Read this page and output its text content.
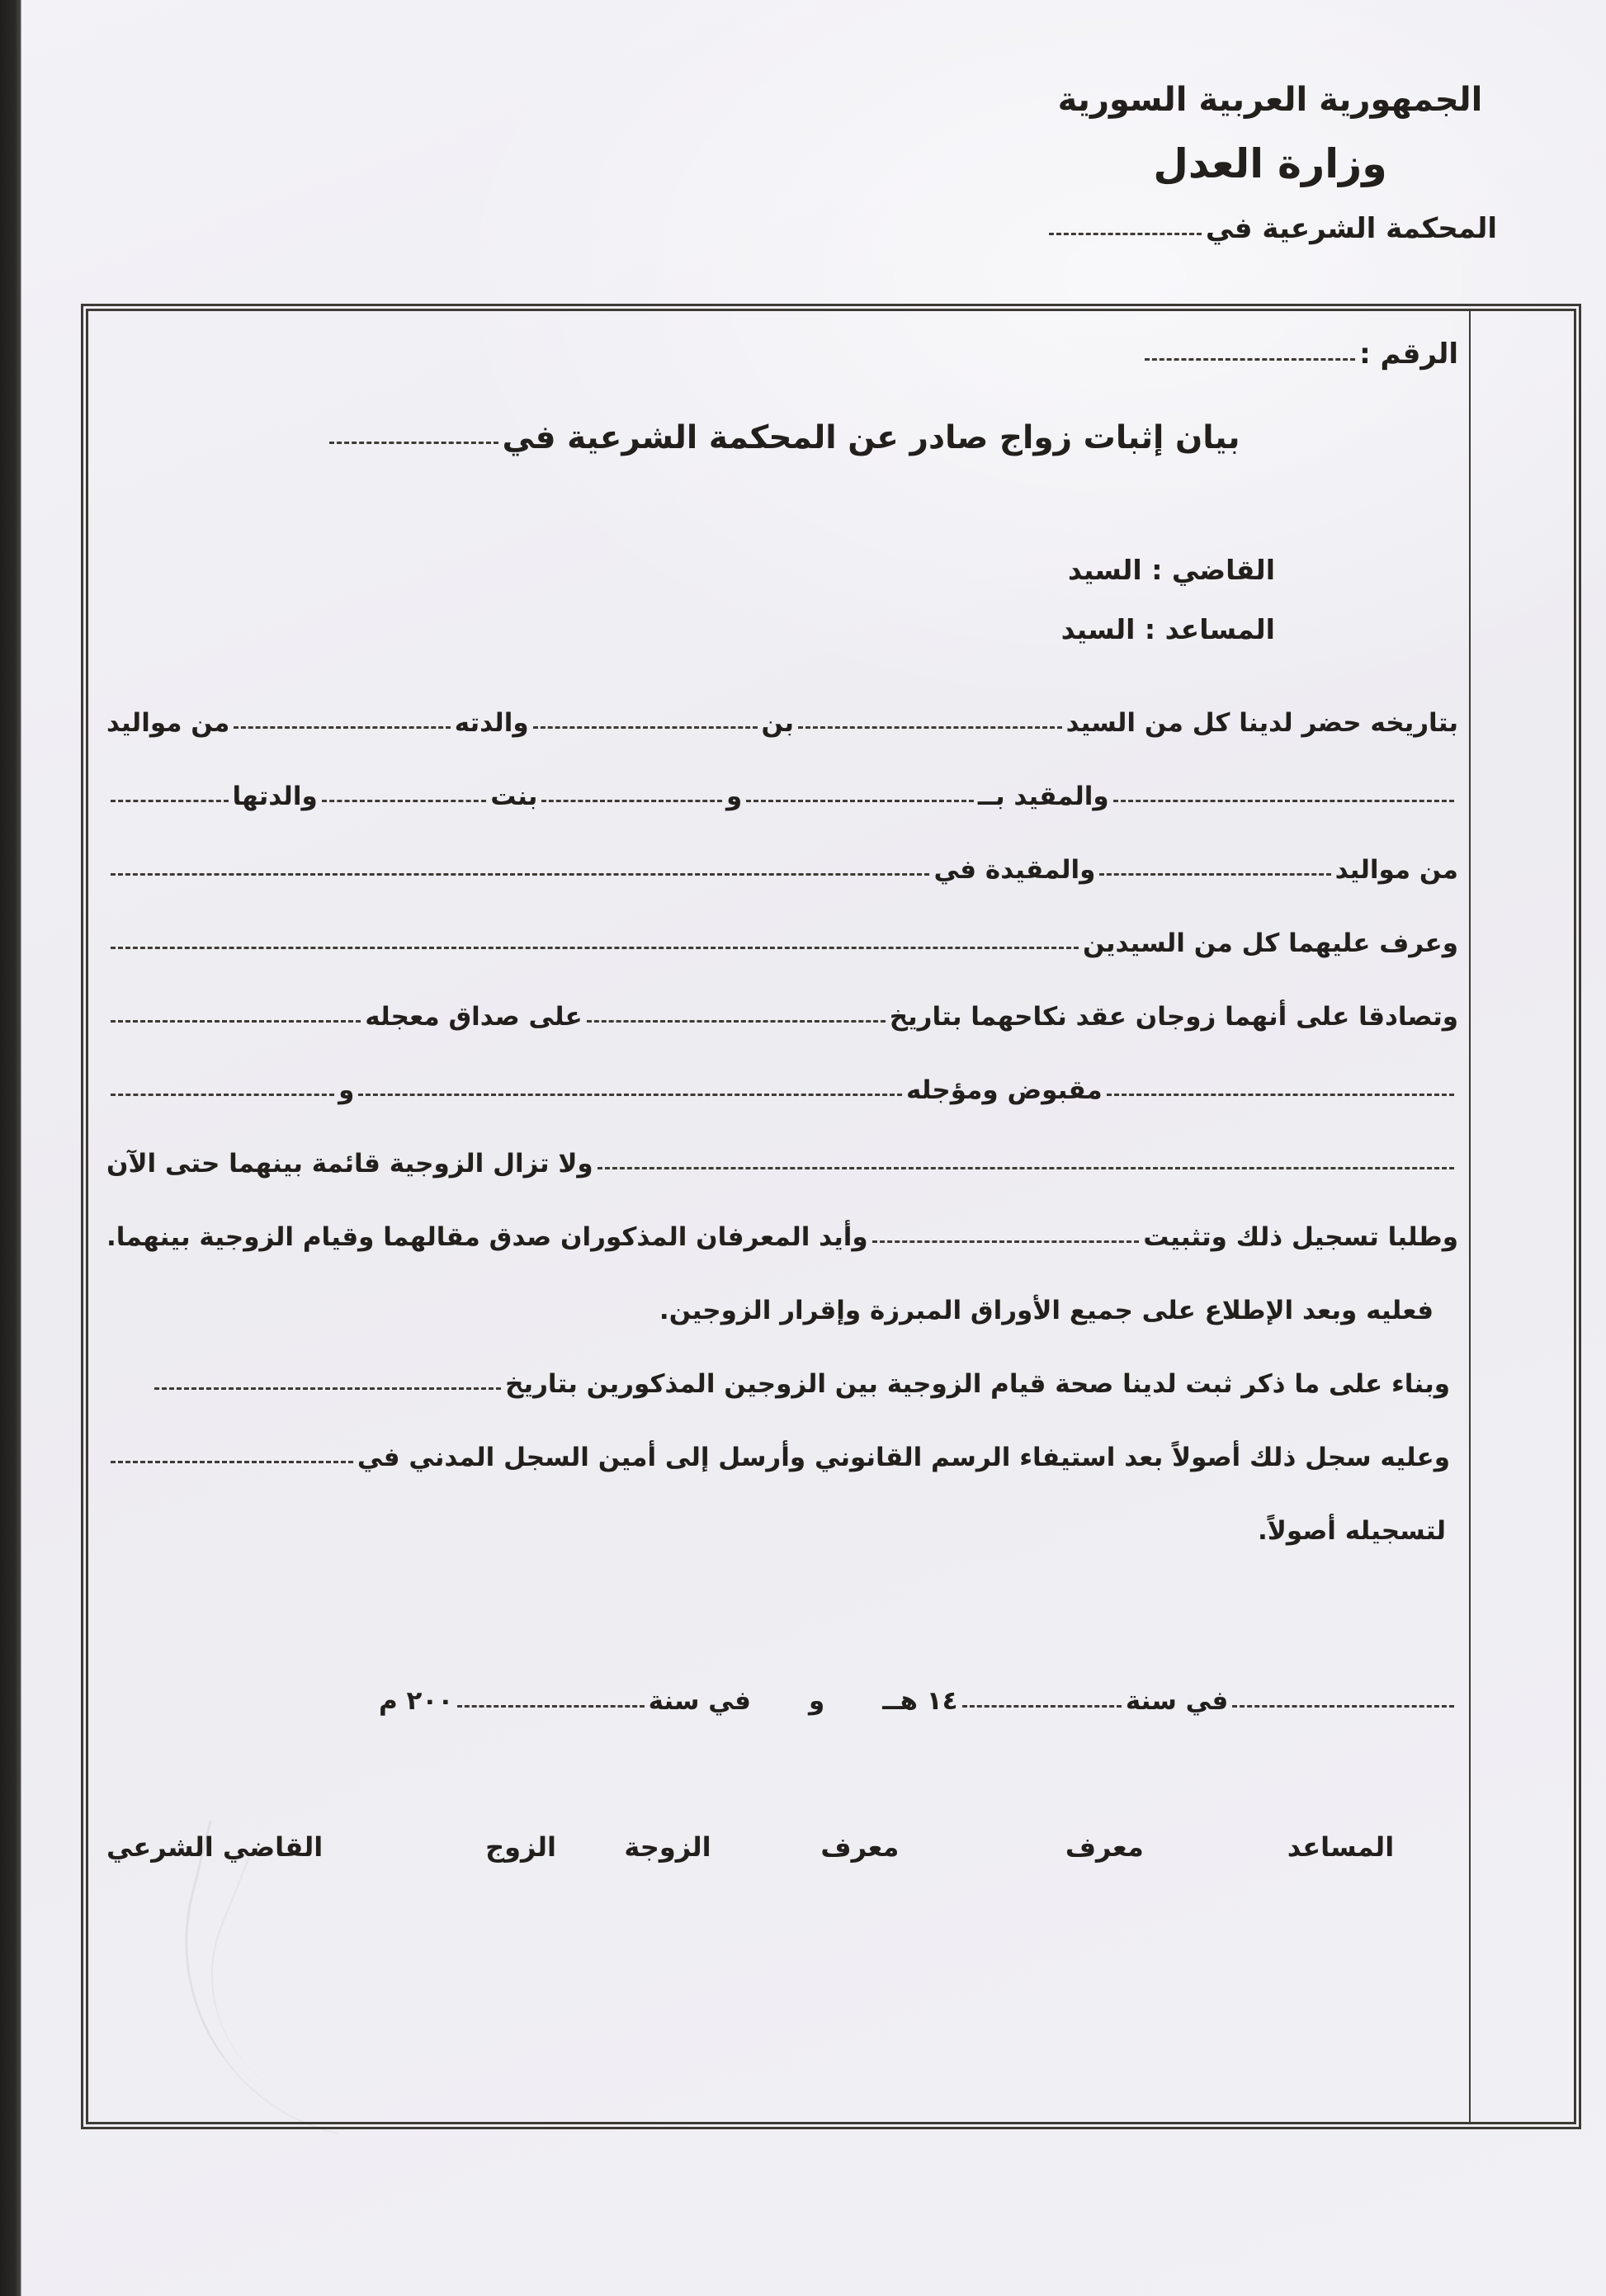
الجمهورية العربية السورية
وزارة العدل
المحكمة الشرعية في
الرقم :
بيان إثبات زواج صادر عن المحكمة الشرعية في
القاضي : السيد
المساعد : السيد
بتاريخه حضر لدينا كل من السيد
بن
والدته
من مواليد
والمقيد بــ
و
بنت
والدتها
من مواليد
والمقيدة في
وعرف عليهما كل من السيدين
وتصادقا على أنهما زوجان عقد نكاحهما بتاريخ
على صداق معجله
مقبوض ومؤجله
و
ولا تزال الزوجية قائمة بينهما حتى الآن
وطلبا تسجيل ذلك وتثبيت
وأيد المعرفان المذكوران صدق مقالهما وقيام الزوجية بينهما.
فعليه وبعد الإطلاع على جميع الأوراق المبرزة وإقرار الزوجين.
وبناء على ما ذكر ثبت لدينا صحة قيام الزوجية بين الزوجين المذكورين بتاريخ
وعليه سجل ذلك أصولاً بعد استيفاء الرسم القانوني وأرسل إلى أمين السجل المدني في
لتسجيله أصولاً.
في سنة
١٤ هــ
و
في سنة
٢٠٠ م
المساعد
معرف
معرف
الزوجة
الزوج
القاضي الشرعي
